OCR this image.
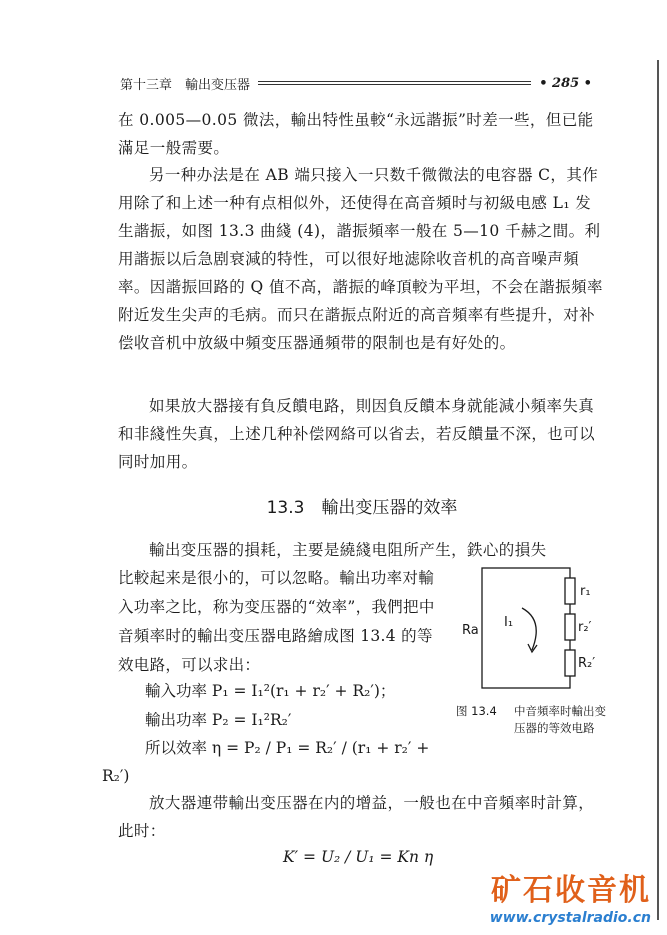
第十三章　輸出变压器	• 285 •

在 0.005—0.05 微法，輸出特性虽較“永远諧振”时差一些，但已能滿足一般需要。

另一种办法是在 AB 端只接入一只数千微微法的电容器 C，其作用除了和上述一种有点相似外，还使得在高音頻时与初級电感 L₁ 发生諧振，如图 13.3 曲綫 (4)，諧振頻率一般在 5—10 千赫之間。利用諧振以后急剧衰減的特性，可以很好地滤除收音机的高音噪声頻率。因諧振回路的 Q 值不高，諧振的峰頂較为平坦，不会在諧振頻率附近发生尖声的毛病。而只在諧振点附近的高音頻率有些提升，对补偿收音机中放級中頻变压器通頻带的限制也是有好处的。

如果放大器接有負反饋电路，則因負反饋本身就能減小頻率失真和非綫性失真，上述几种补偿网絡可以省去，若反饋量不深，也可以同时加用。

13.3　輸出变压器的效率

輸出变压器的損耗，主要是繞綫电阻所产生，鉄心的損失

比較起来是很小的，可以忽略。輸出功率对輸入功率之比，称为变压器的“效率”，我們把中音頻率时的輸出变压器电路繪成图 13.4 的等效电路，可以求出：
輸入功率 P₁ = I₁²(r₁ + r₂′ + R₂′)；
輸出功率 P₂ = I₁²R₂′
所以效率 η = P₂ / P₁ = R₂′ / (r₁ + r₂′ +
R₂′)
Ra
I₁
r₁
r₂′
R₂′
图 13.4 中音頻率时輸出变压器的等效电路

放大器連带輸出变压器在内的增益，一般也在中音頻率时計算，此时：

K′ = U₂ / U₁ = Kn η
矿石收音机
www.crystalradio.cn
